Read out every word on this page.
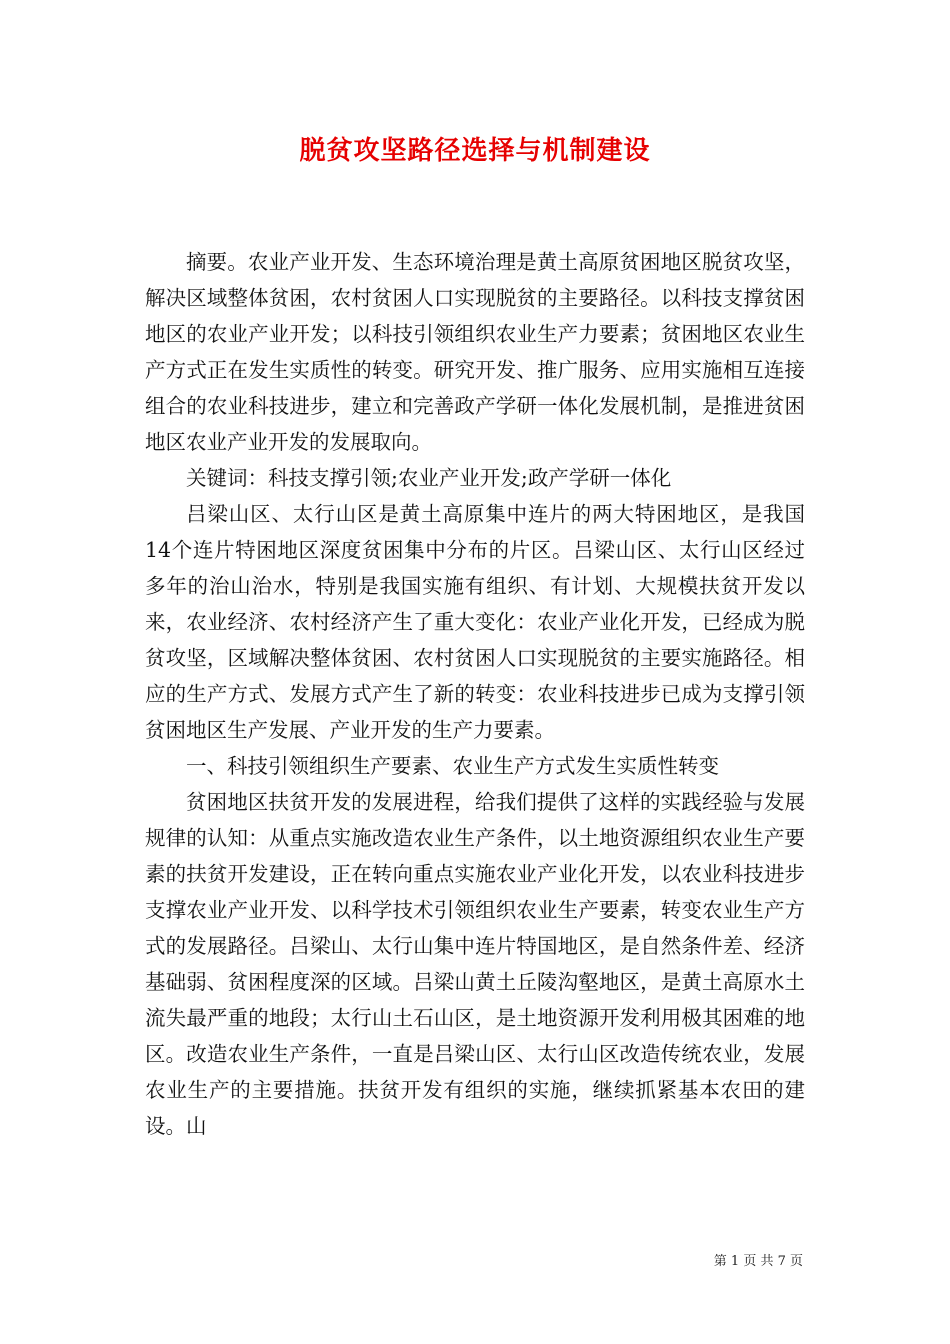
脱贫攻坚路径选择与机制建设

摘要。农业产业开发、生态环境治理是黄土高原贫困地区脱贫攻坚，解决区域整体贫困，农村贫困人口实现脱贫的主要路径。以科技支撑贫困地区的农业产业开发；以科技引领组织农业生产力要素；贫困地区农业生产方式正在发生实质性的转变。研究开发、推广服务、应用实施相互连接组合的农业科技进步，建立和完善政产学研一体化发展机制，是推进贫困地区农业产业开发的发展取向。

关键词：科技支撑引领;农业产业开发;政产学研一体化

吕梁山区、太行山区是黄土高原集中连片的两大特困地区，是我国14个连片特困地区深度贫困集中分布的片区。吕梁山区、太行山区经过多年的治山治水，特别是我国实施有组织、有计划、大规模扶贫开发以来，农业经济、农村经济产生了重大变化：农业产业化开发，已经成为脱贫攻坚，区域解决整体贫困、农村贫困人口实现脱贫的主要实施路径。相应的生产方式、发展方式产生了新的转变：农业科技进步已成为支撑引领贫困地区生产发展、产业开发的生产力要素。

一、科技引领组织生产要素、农业生产方式发生实质性转变

贫困地区扶贫开发的发展进程，给我们提供了这样的实践经验与发展规律的认知：从重点实施改造农业生产条件，以土地资源组织农业生产要素的扶贫开发建设，正在转向重点实施农业产业化开发，以农业科技进步支撑农业产业开发、以科学技术引领组织农业生产要素，转变农业生产方式的发展路径。吕梁山、太行山集中连片特国地区，是自然条件差、经济基础弱、贫困程度深的区域。吕梁山黄土丘陵沟壑地区，是黄土高原水土流失最严重的地段；太行山土石山区，是土地资源开发利用极其困难的地区。改造农业生产条件，一直是吕梁山区、太行山区改造传统农业，发展农业生产的主要措施。扶贫开发有组织的实施，继续抓紧基本农田的建设。山

第 1 页 共 7 页
